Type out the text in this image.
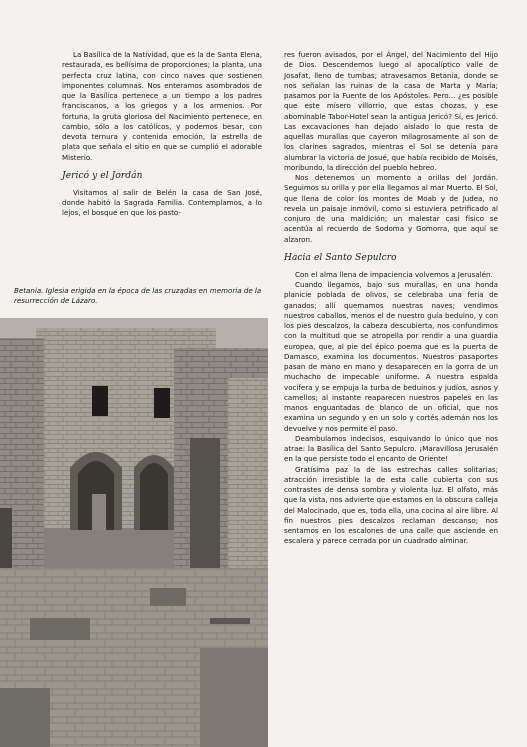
La Basílica de la Natividad, que es la de Santa Elena, restaurada, es bellísima de proporciones; la planta, una perfecta cruz latina, con cinco naves que sostienen imponentes columnas. Nos enteramos asombrados de que la Basílica pertenece a un tiempo a los padres franciscanos, a los griegos y a los armenios. Por fortuna, la gruta gloriosa del Nacimiento pertenece, en cambio, sólo a los católicos, y podemos besar, con devota ternura y contenida emoción, la estrella de plata que señala el sitio en que se cumplió el adorable Misterio.

Jericó y el Jordán

Visitamos al salir de Belén la casa de San José, donde habitó la Sagrada Familia. Contemplamos, a lo lejos, el bosque en que los pasto-

Betania. Iglesia erigida en la época de las cruzadas en memoria de la resurrección de Lázaro.

res fueron avisados, por el Ángel, del Nacimiento del Hijo de Dios. Descendemos luego al apocalíptico valle de Josafat, lleno de tumbas; atravesamos Betania, donde se nos señalan las ruinas de la casa de Marta y María; pasamos por la Fuente de los Apóstoles. Pero... ¿es posible que este mísero villorrio, que estas chozas, y ese abominable Tabor-Hotel sean la antigua Jericó? Sí, es Jericó. Las excavaciones han dejado aislado lo que resta de aquellas murallas que cayeron milagrosamente al son de los clarines sagrados, mientras el Sol se detenía para alumbrar la victoria de Josué, que había recibido de Moisés, moribundo, la dirección del pueblo hebreo.

Nos detenemos un momento a orillas del Jordán. Seguimos su orilla y por ella llegamos al mar Muerto. El Sol, que llena de color los montes de Moab y de Judea, no revela un paisaje inmóvil, como si estuviera petrificado al conjuro de una maldición; un malestar casi físico se acentúa al recuerdo de Sodoma y Gomorra, que aquí se alzaron.

Hacia el Santo Sepulcro

Con el alma llena de impaciencia volvemos a Jerusalén.

Cuando llegamos, bajo sus murallas, en una honda planicie poblada de olivos, se celebraba una feria de ganados; allí quemamos nuestras naves; vendimos nuestros caballos, menos el de nuestro guía beduino, y con los pies descalzos, la cabeza descubierta, nos confundimos con la multitud que se atropella por rendir a una guardia europea, que, al pie del épico poema que es la puerta de Damasco, examina los documentos. Nuestros pasaportes pasan de mano en mano y desaparecen en la gorra de un muchacho de impecable uniforme. A nuestra espalda vocifera y se empuja la turba de beduinos y judíos, asnos y camellos; al instante reaparecen nuestros papeles en las manos enguantadas de blanco de un oficial, que nos examina un segundo y en un solo y cortés ademán nos los devuelve y nos permite el paso.

Deambulamos indecisos, esquivando lo único que nos atrae: la Basílica del Santo Sepulcro. ¡Maravillosa Jerusalén en la que persiste todo el encanto de Oriente!

Gratísima paz la de las estrechas calles solitarias; atracción irresistible la de esta calle cubierta con sus contrastes de densa sombra y violenta luz. El olfato, más que la vista, nos advierte que estamos en la obscura calleja del Malocinado, que es, toda ella, una cocina al aire libre. Al fin nuestros pies descalzos reclaman descanso; nos sentamos en los escalones de una calle que asciende en escalera y parece cerrada por un cuadrado alminar.
